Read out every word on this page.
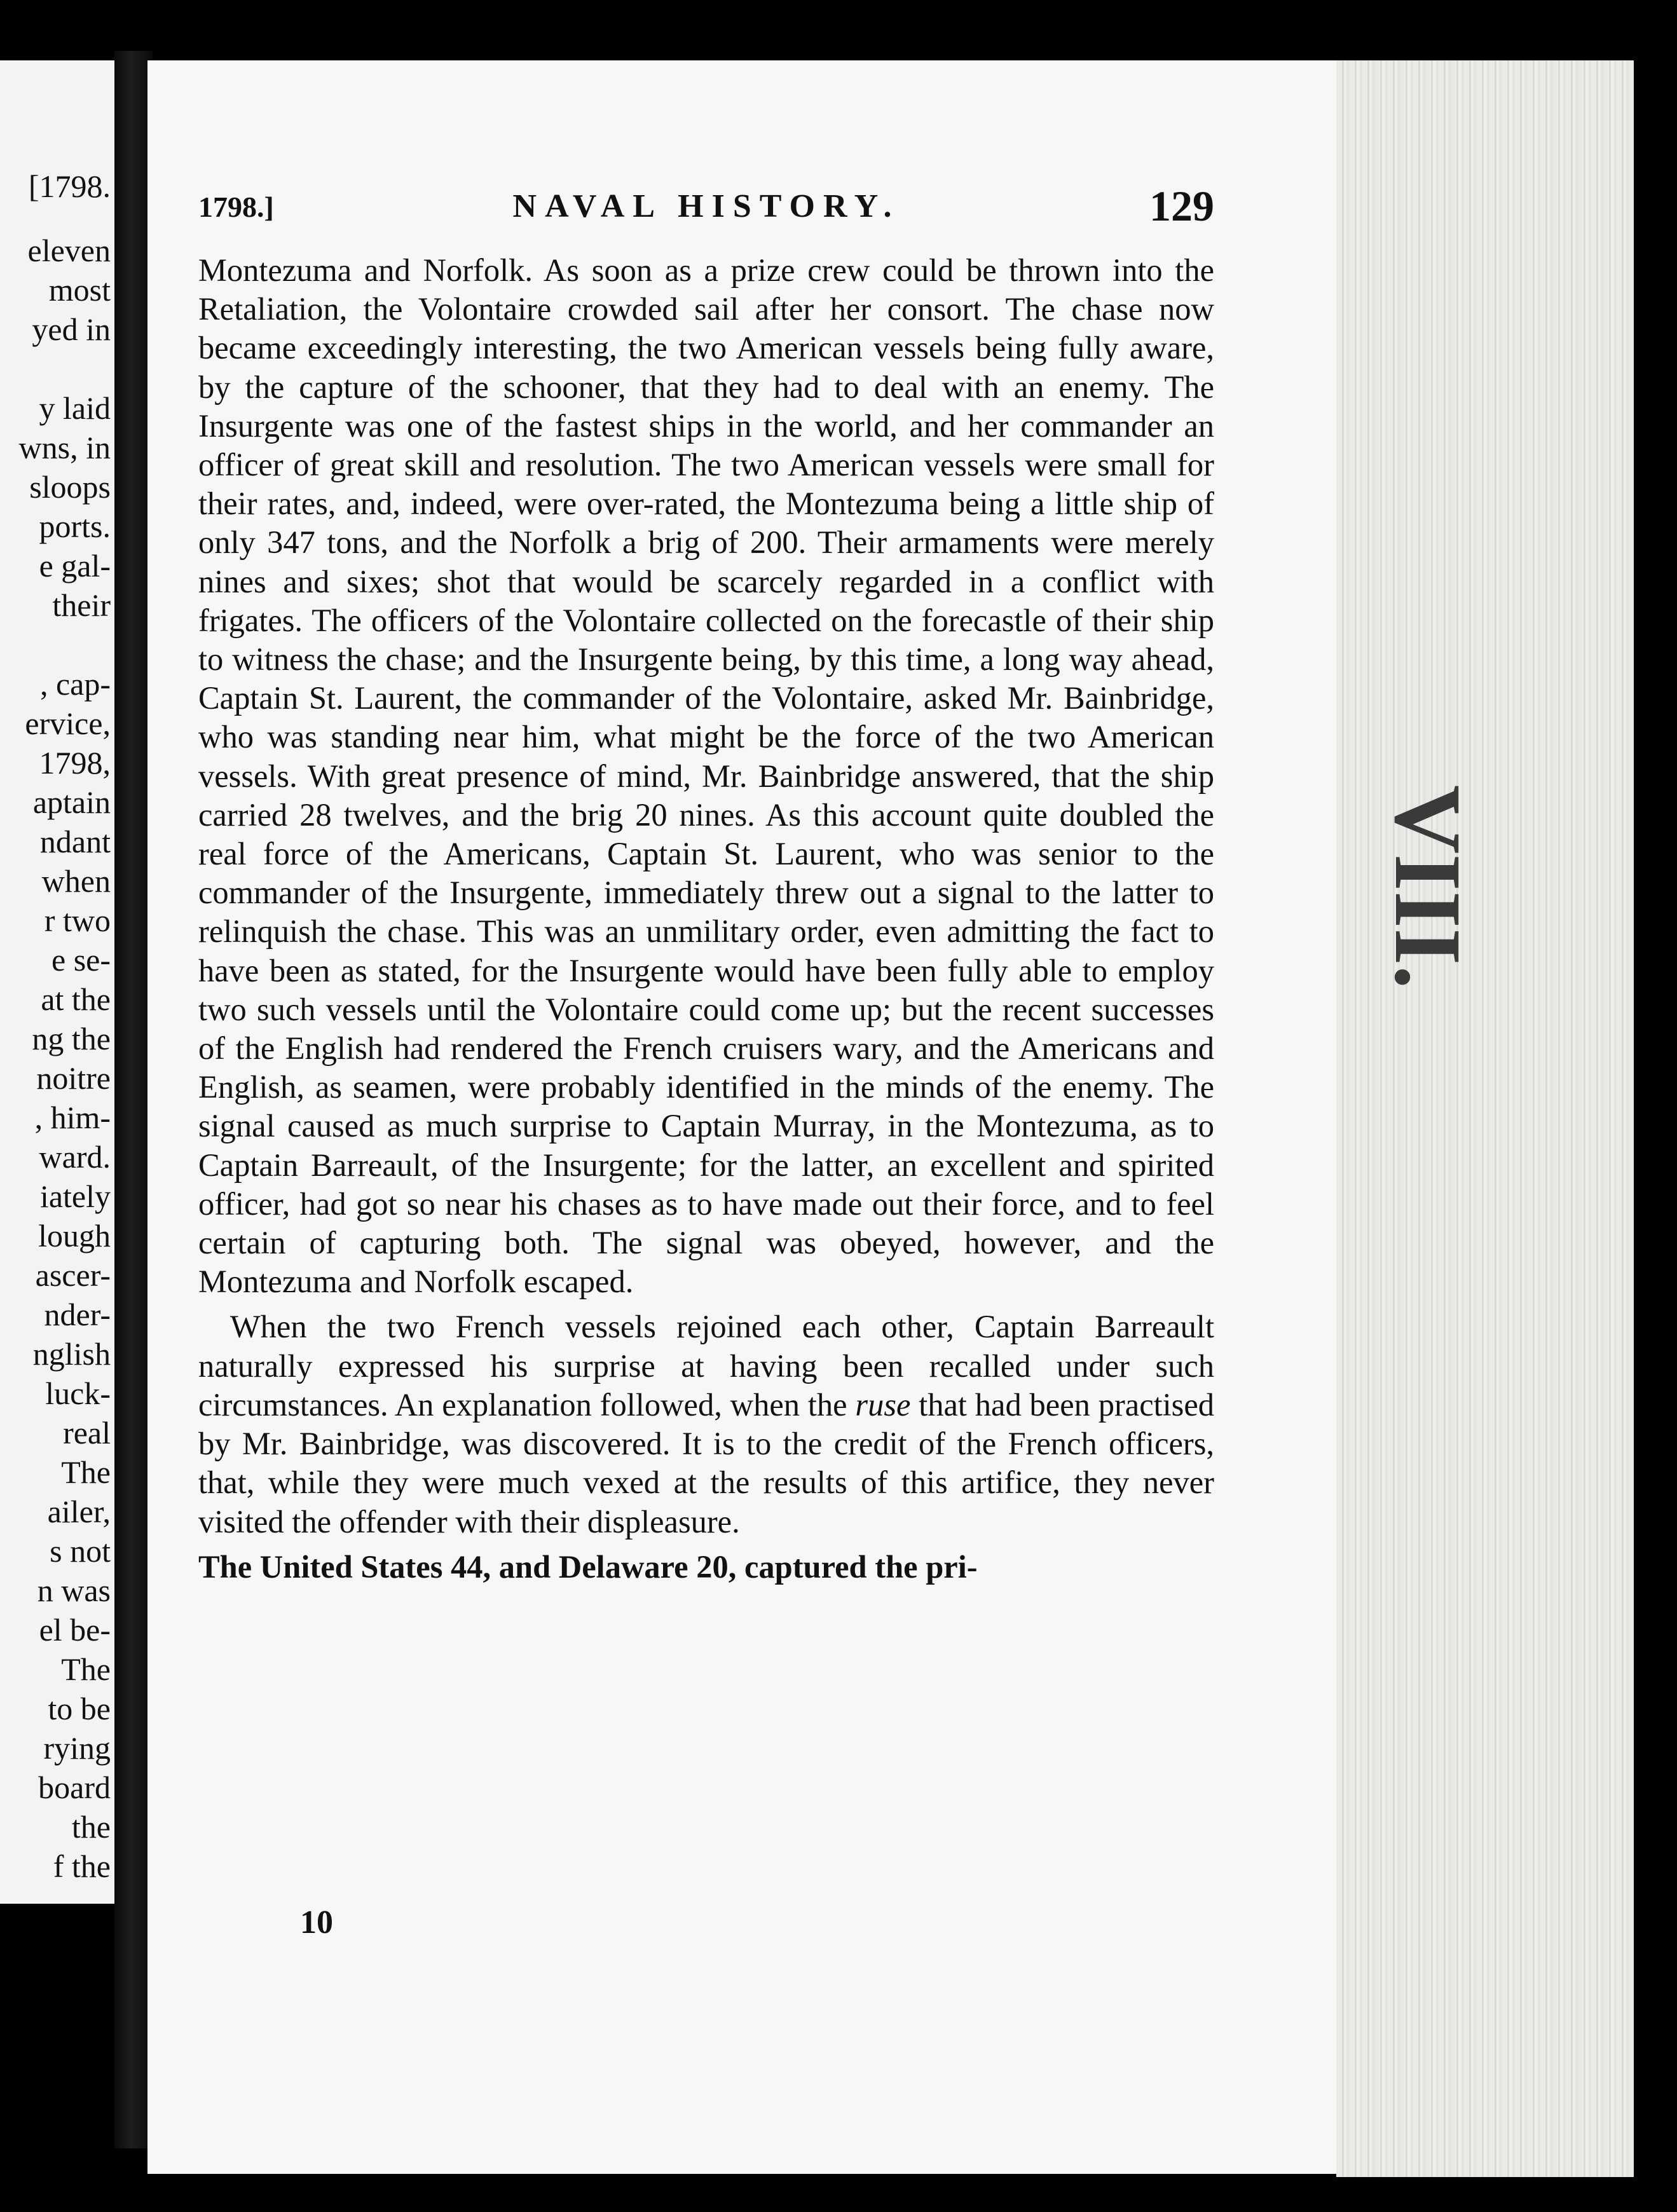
[1798.

eleven
most
yed in

y laid
wns, in
sloops
ports.
e gal-
their

, cap-
ervice,
1798,
aptain
ndant
when
r two
e se-
at the
ng the
noitre
, him-
ward.
iately
lough
ascer-
nder-
nglish
luck-
real
The
ailer,
s not
n was
el be-
The
to be
rying
board
the
f the

1798.]	NAVAL HISTORY.	129

Montezuma and Norfolk. As soon as a prize crew could be thrown into the Retaliation, the Volontaire crowded sail after her consort. The chase now became exceedingly interesting, the two American vessels being fully aware, by the capture of the schooner, that they had to deal with an enemy. The Insurgente was one of the fastest ships in the world, and her commander an officer of great skill and resolution. The two American vessels were small for their rates, and, indeed, were over-rated, the Montezuma being a little ship of only 347 tons, and the Norfolk a brig of 200. Their armaments were merely nines and sixes; shot that would be scarcely regarded in a conflict with frigates. The officers of the Volontaire collected on the forecastle of their ship to witness the chase; and the Insurgente being, by this time, a long way ahead, Captain St. Laurent, the commander of the Volontaire, asked Mr. Bainbridge, who was standing near him, what might be the force of the two American vessels. With great presence of mind, Mr. Bainbridge answered, that the ship carried 28 twelves, and the brig 20 nines. As this account quite doubled the real force of the Americans, Captain St. Laurent, who was senior to the commander of the Insurgente, immediately threw out a signal to the latter to relinquish the chase. This was an unmilitary order, even admitting the fact to have been as stated, for the Insurgente would have been fully able to employ two such vessels until the Volontaire could come up; but the recent successes of the English had rendered the French cruisers wary, and the Americans and English, as seamen, were probably identified in the minds of the enemy. The signal caused as much surprise to Captain Murray, in the Montezuma, as to Captain Barreault, of the Insurgente; for the latter, an excellent and spirited officer, had got so near his chases as to have made out their force, and to feel certain of capturing both. The signal was obeyed, however, and the Montezuma and Norfolk escaped.

When the two French vessels rejoined each other, Captain Barreault naturally expressed his surprise at having been recalled under such circumstances. An explanation followed, when the ruse that had been practised by Mr. Bainbridge, was discovered. It is to the credit of the French officers, that, while they were much vexed at the results of this artifice, they never visited the offender with their displeasure.

The United States 44, and Delaware 20, captured the pri-

10

VIII.
